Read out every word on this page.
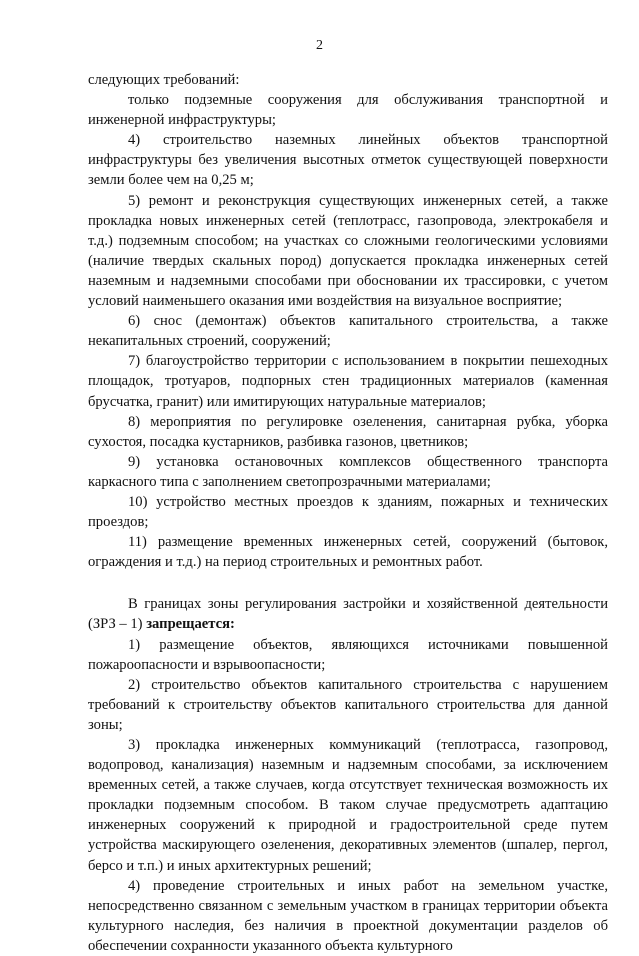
2

следующих требований:

только подземные сооружения для обслуживания транспортной и инженерной инфраструктуры;

4) строительство наземных линейных объектов транспортной инфраструктуры без увеличения высотных отметок существующей поверхности земли более чем на 0,25 м;

5) ремонт и реконструкция существующих инженерных сетей, а также прокладка новых инженерных сетей (теплотрасс, газопровода, электрокабеля и т.д.) подземным способом; на участках со сложными геологическими условиями (наличие твердых скальных пород) допускается прокладка инженерных сетей наземным и надземными способами при обосновании их трассировки, с учетом условий наименьшего оказания ими воздействия на визуальное восприятие;

6) снос (демонтаж) объектов капитального строительства, а также некапитальных строений, сооружений;

7) благоустройство территории с использованием в покрытии пешеходных площадок, тротуаров, подпорных стен традиционных материалов (каменная брусчатка, гранит) или имитирующих натуральные материалов;

8) мероприятия по регулировке озеленения, санитарная рубка, уборка сухостоя, посадка кустарников, разбивка газонов, цветников;

9) установка остановочных комплексов общественного транспорта каркасного типа с заполнением светопрозрачными материалами;

10) устройство местных проездов к зданиям, пожарных и технических проездов;

11) размещение временных инженерных сетей, сооружений (бытовок, ограждения и т.д.) на период строительных и ремонтных работ.

В границах зоны регулирования застройки и хозяйственной деятельности (ЗРЗ – 1) запрещается:

1) размещение объектов, являющихся источниками повышенной пожароопасности и взрывоопасности;

2) строительство объектов капитального строительства с нарушением требований к строительству объектов капитального строительства для данной зоны;

3) прокладка инженерных коммуникаций (теплотрасса, газопровод, водопровод, канализация) наземным и надземным способами, за исключением временных сетей, а также случаев, когда отсутствует техническая возможность их прокладки подземным способом. В таком случае предусмотреть адаптацию инженерных сооружений к природной и градостроительной среде путем устройства маскирующего озеленения, декоративных элементов (шпалер, пергол, берсо и т.п.) и иных архитектурных решений;

4) проведение строительных и иных работ на земельном участке, непосредственно связанном с земельным участком в границах территории объекта культурного наследия, без наличия в проектной документации разделов об обеспечении сохранности указанного объекта культурного
